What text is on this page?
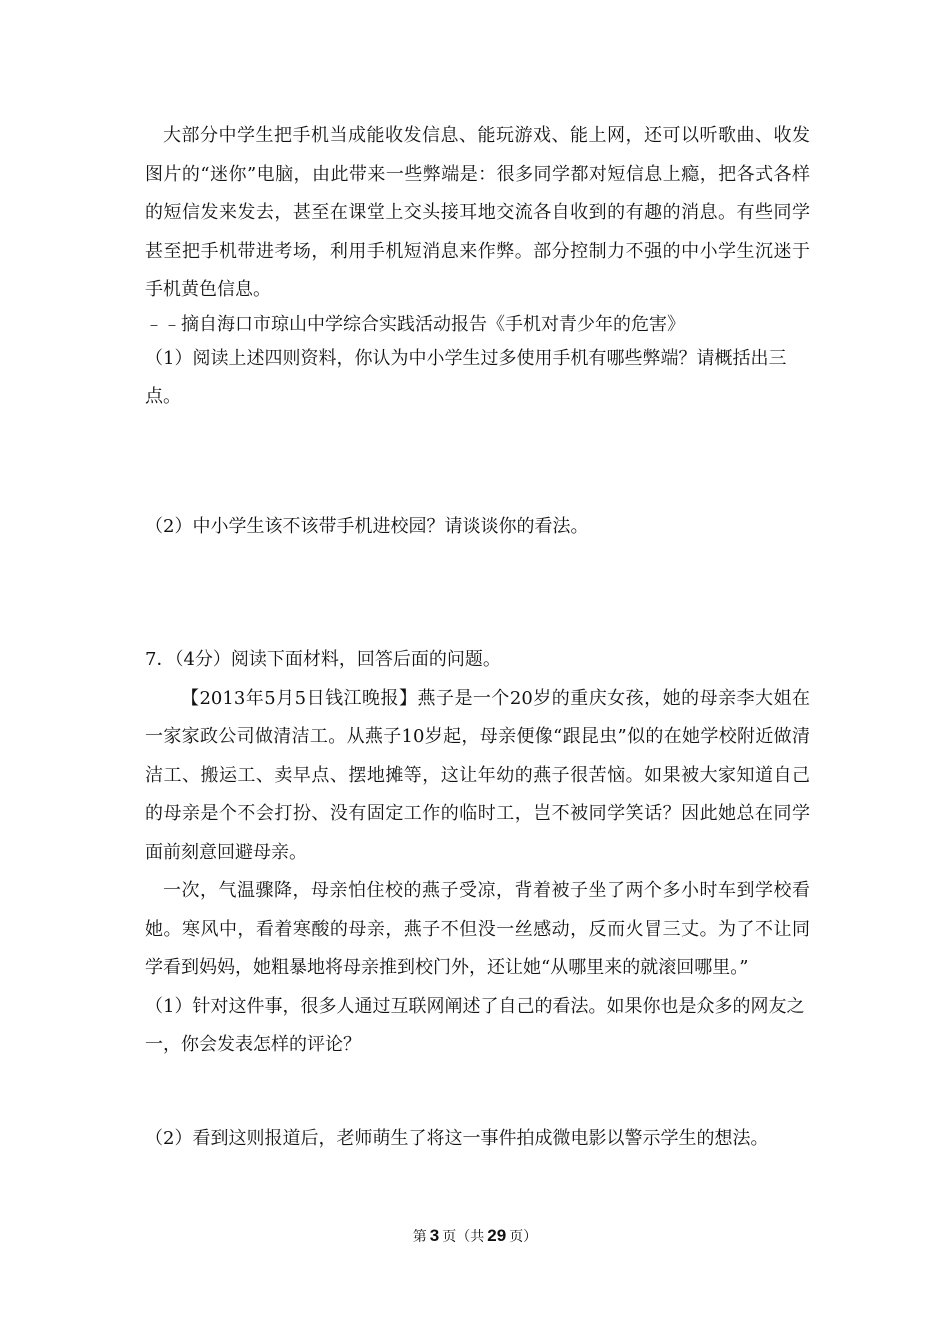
大部分中学生把手机当成能收发信息、能玩游戏、能上网，还可以听歌曲、收发图片的“迷你”电脑，由此带来一些弊端是：很多同学都对短信息上瘾，把各式各样的短信发来发去，甚至在课堂上交头接耳地交流各自收到的有趣的消息。有些同学甚至把手机带进考场，利用手机短消息来作弊。部分控制力不强的中小学生沉迷于手机黄色信息。

﹣﹣摘自海口市琼山中学综合实践活动报告《手机对青少年的危害》

（1）阅读上述四则资料，你认为中小学生过多使用手机有哪些弊端？请概括出三点。

（2）中小学生该不该带手机进校园？请谈谈你的看法。

7．（4分）阅读下面材料，回答后面的问题。

【2013年5月5日钱江晚报】燕子是一个20岁的重庆女孩，她的母亲李大姐在一家家政公司做清洁工。从燕子10岁起，母亲便像“跟昆虫”似的在她学校附近做清洁工、搬运工、卖早点、摆地摊等，这让年幼的燕子很苦恼。如果被大家知道自己的母亲是个不会打扮、没有固定工作的临时工，岂不被同学笑话？因此她总在同学面前刻意回避母亲。

一次，气温骤降，母亲怕住校的燕子受凉，背着被子坐了两个多小时车到学校看她。寒风中，看着寒酸的母亲，燕子不但没一丝感动，反而火冒三丈。为了不让同学看到妈妈，她粗暴地将母亲推到校门外，还让她“从哪里来的就滚回哪里。”

（1）针对这件事，很多人通过互联网阐述了自己的看法。如果你也是众多的网友之一，你会发表怎样的评论？

（2）看到这则报道后，老师萌生了将这一事件拍成微电影以警示学生的想法。

第 3 页（共 29 页）
